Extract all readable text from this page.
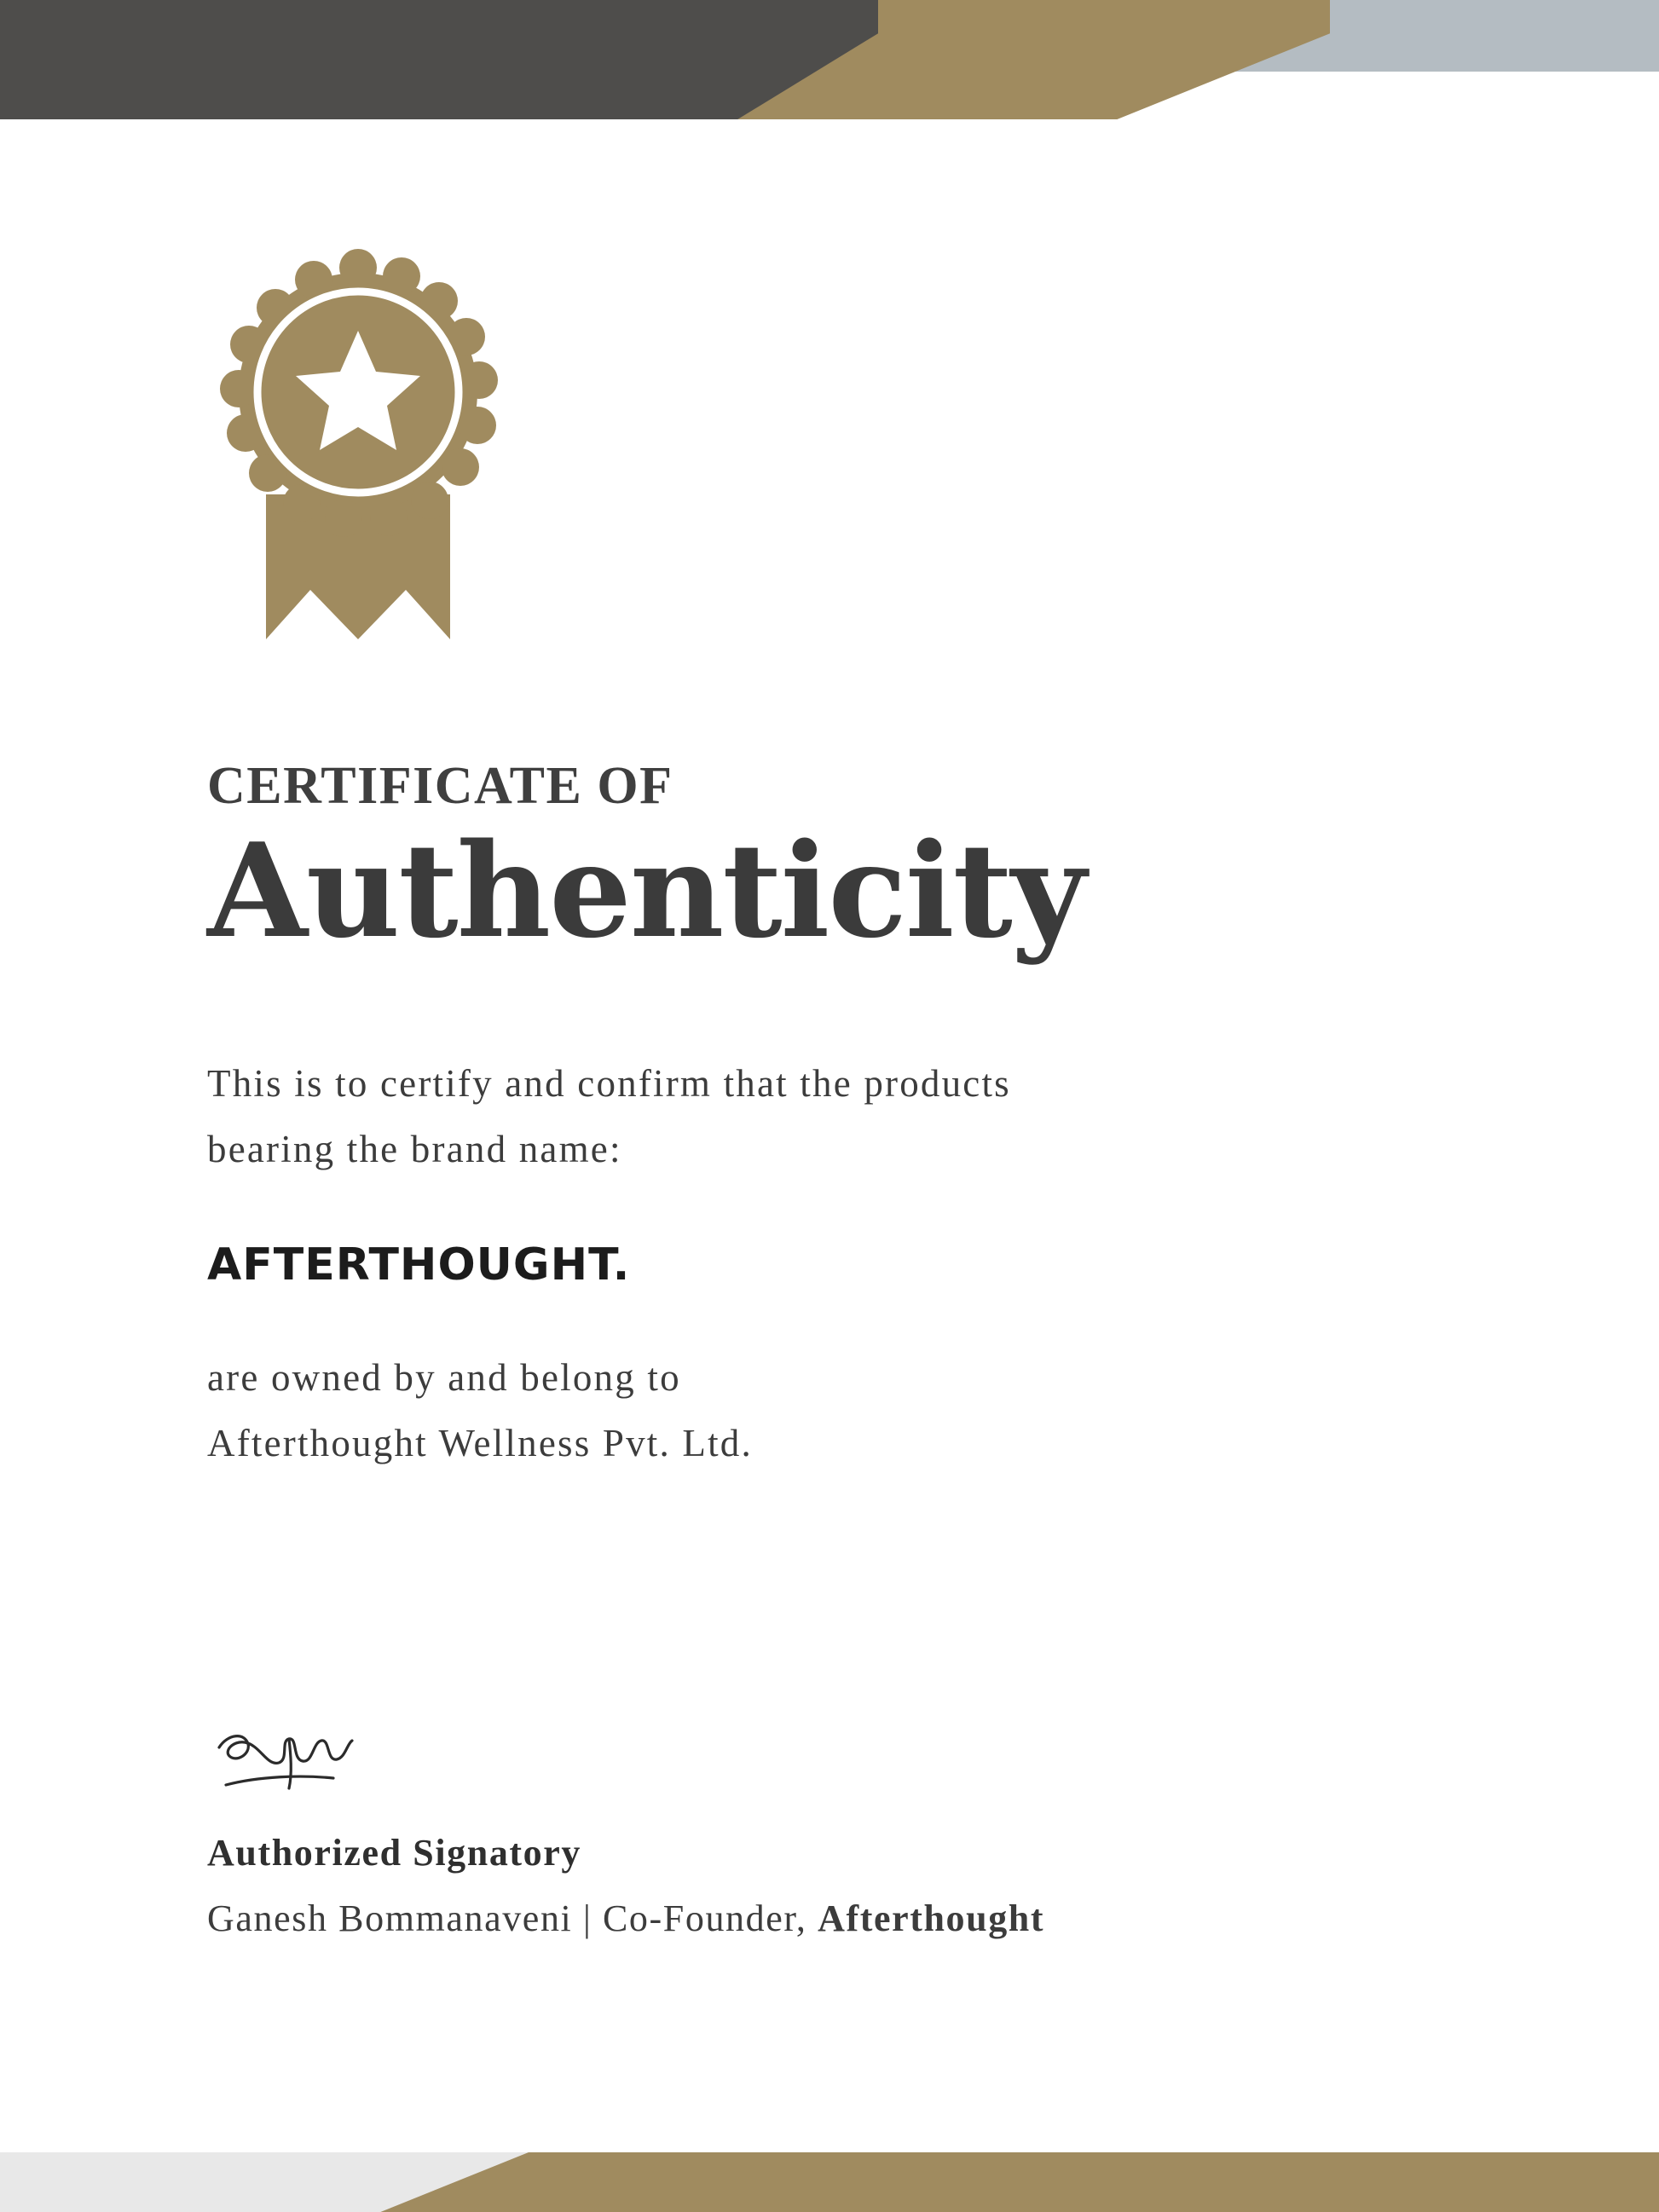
CERTIFICATE OF
Authenticity

This is to certify and confirm that the products

bearing the brand name:

AFTERTHOUGHT.

are owned by and belong to

Afterthought Wellness Pvt. Ltd.

Authorized Signatory

Ganesh Bommanaveni | Co-Founder, Afterthought
